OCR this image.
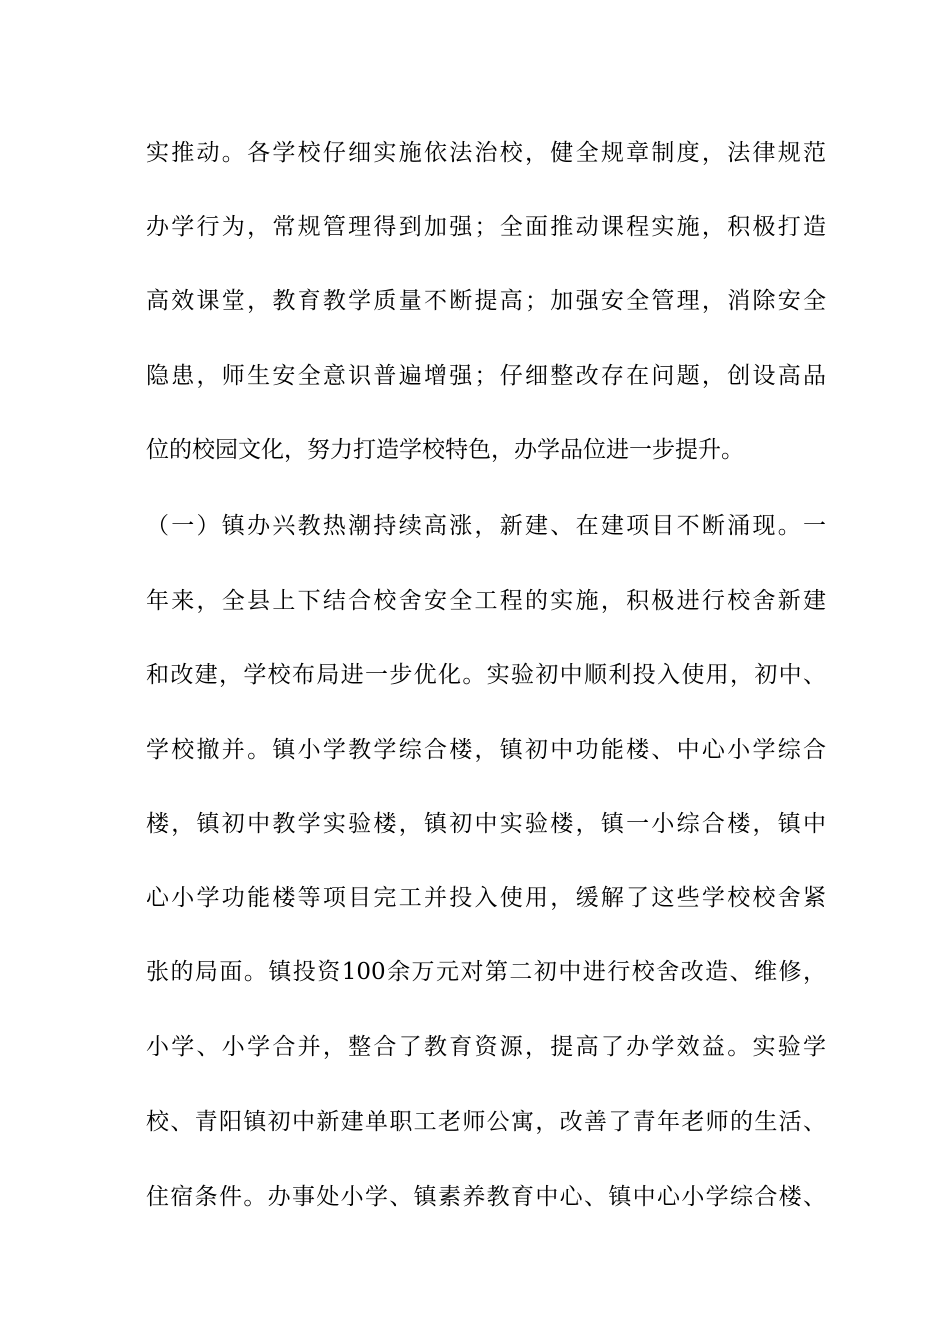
实推动。各学校仔细实施依法治校，健全规章制度，法律规范
办学行为，常规管理得到加强；全面推动课程实施，积极打造
高效课堂，教育教学质量不断提高；加强安全管理，消除安全
隐患，师生安全意识普遍增强；仔细整改存在问题，创设高品
位的校园文化，努力打造学校特色，办学品位进一步提升。
（一）镇办兴教热潮持续高涨，新建、在建项目不断涌现。一
年来，全县上下结合校舍安全工程的实施，积极进行校舍新建
和改建，学校布局进一步优化。实验初中顺利投入使用，初中、
学校撤并。镇小学教学综合楼，镇初中功能楼、中心小学综合
楼，镇初中教学实验楼，镇初中实验楼，镇一小综合楼，镇中
心小学功能楼等项目完工并投入使用，缓解了这些学校校舍紧
张的局面。镇投资100余万元对第二初中进行校舍改造、维修，
小学、小学合并，整合了教育资源，提高了办学效益。实验学
校、青阳镇初中新建单职工老师公寓，改善了青年老师的生活、
住宿条件。办事处小学、镇素养教育中心、镇中心小学综合楼、
